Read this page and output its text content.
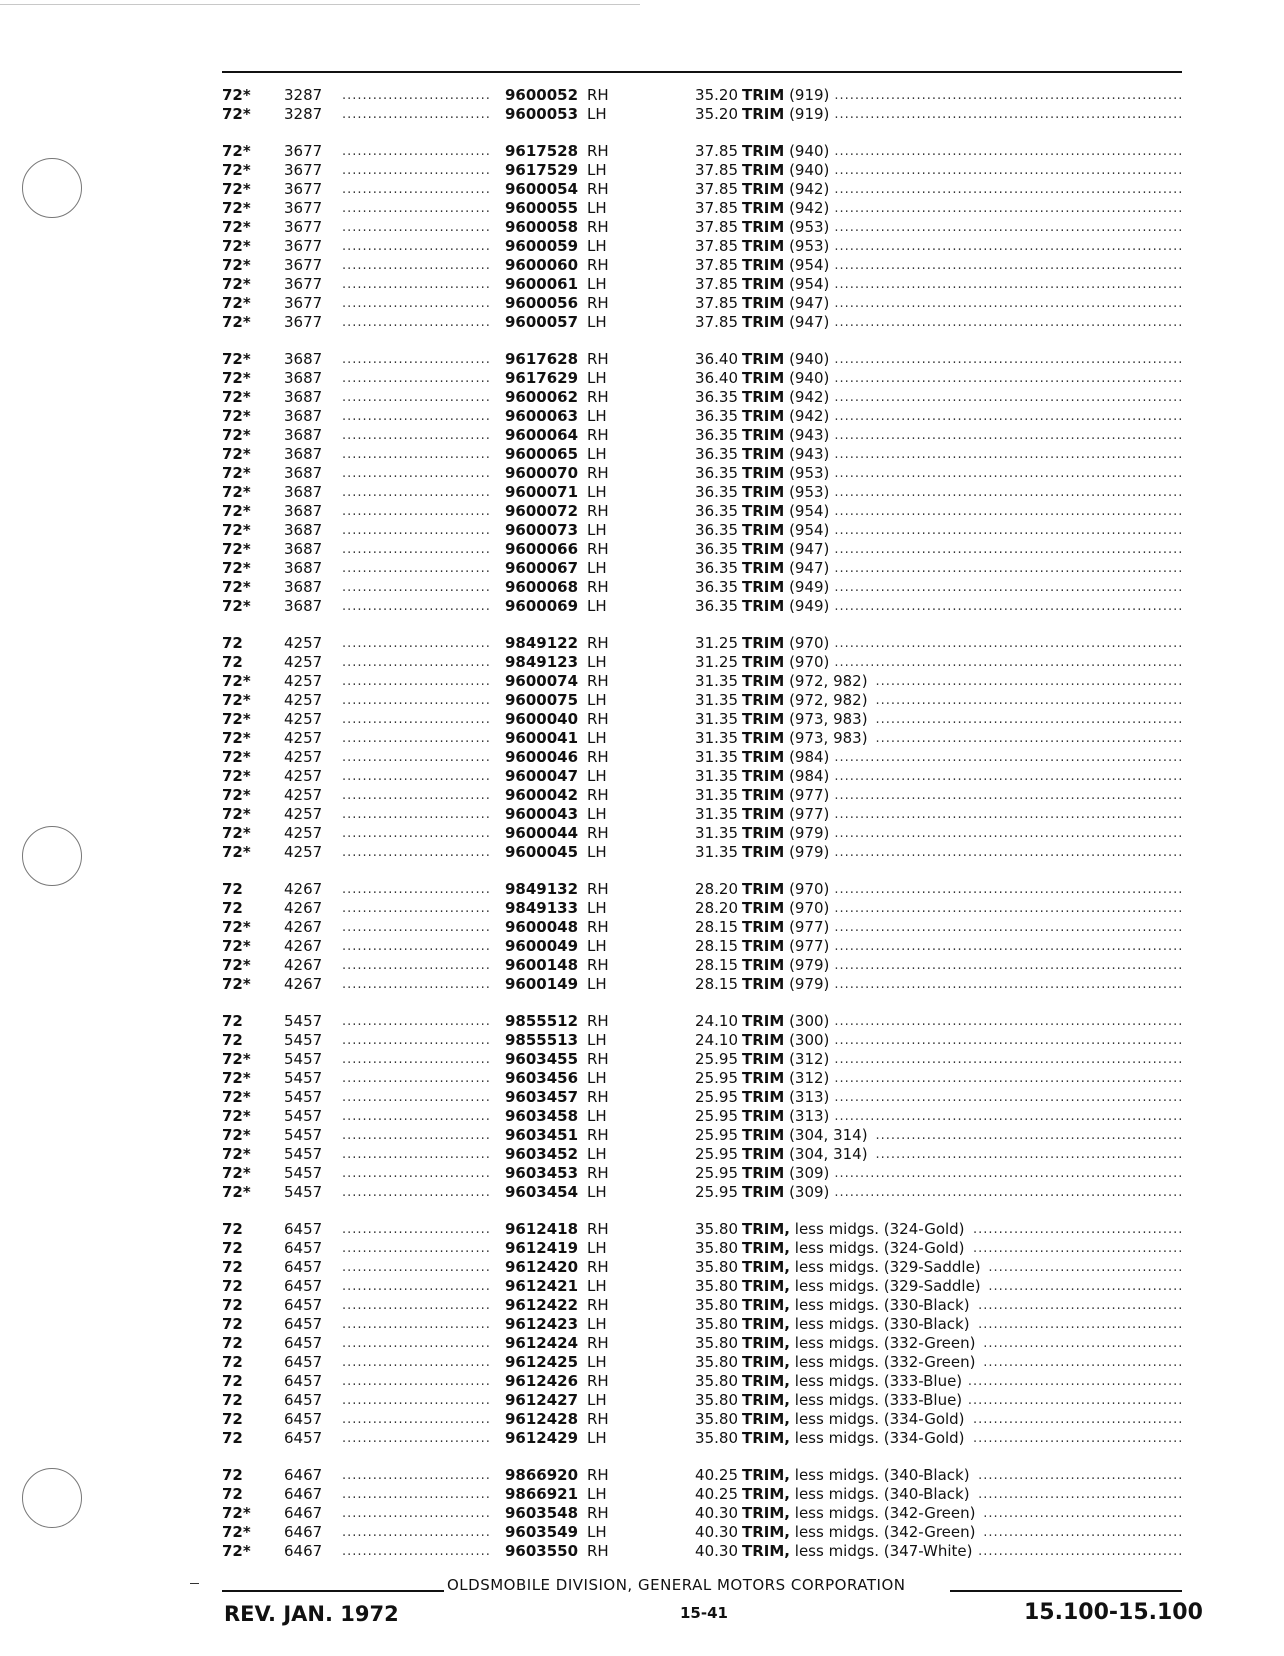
72*	3287 .....	9600052 RH	35.20 ..... TRIM (919)
72*	3287 .....	9600053 LH	35.20 ..... TRIM (919)
72*	3677 .....	9617528 RH	37.85 ..... TRIM (940)
72*	3677 .....	9617529 LH	37.85 ..... TRIM (940)
72*	3677 .....	9600054 RH	37.85 ..... TRIM (942)
72*	3677 .....	9600055 LH	37.85 ..... TRIM (942)
72*	3677 .....	9600058 RH	37.85 ..... TRIM (953)
72*	3677 .....	9600059 LH	37.85 ..... TRIM (953)
72*	3677 .....	9600060 RH	37.85 ..... TRIM (954)
72*	3677 .....	9600061 LH	37.85 ..... TRIM (954)
72*	3677 .....	9600056 RH	37.85 ..... TRIM (947)
72*	3677 .....	9600057 LH	37.85 ..... TRIM (947)
72*	3687 .....	9617628 RH	36.40 ..... TRIM (940)
72*	3687 .....	9617629 LH	36.40 ..... TRIM (940)
72*	3687 .....	9600062 RH	36.35 ..... TRIM (942)
72*	3687 .....	9600063 LH	36.35 ..... TRIM (942)
72*	3687 .....	9600064 RH	36.35 ..... TRIM (943)
72*	3687 .....	9600065 LH	36.35 ..... TRIM (943)
72*	3687 .....	9600070 RH	36.35 ..... TRIM (953)
72*	3687 .....	9600071 LH	36.35 ..... TRIM (953)
72*	3687 .....	9600072 RH	36.35 ..... TRIM (954)
72*	3687 .....	9600073 LH	36.35 ..... TRIM (954)
72*	3687 .....	9600066 RH	36.35 ..... TRIM (947)
72*	3687 .....	9600067 LH	36.35 ..... TRIM (947)
72*	3687 .....	9600068 RH	36.35 ..... TRIM (949)
72*	3687 .....	9600069 LH	36.35 ..... TRIM (949)
72	4257 .....	9849122 RH	31.25 ..... TRIM (970)
72	4257 .....	9849123 LH	31.25 ..... TRIM (970)
72*	4257 .....	9600074 RH	31.35 ..... TRIM (972, 982)
72*	4257 .....	9600075 LH	31.35 ..... TRIM (972, 982)
72*	4257 .....	9600040 RH	31.35 ..... TRIM (973, 983)
72*	4257 .....	9600041 LH	31.35 ..... TRIM (973, 983)
72*	4257 .....	9600046 RH	31.35 ..... TRIM (984)
72*	4257 .....	9600047 LH	31.35 ..... TRIM (984)
72*	4257 .....	9600042 RH	31.35 ..... TRIM (977)
72*	4257 .....	9600043 LH	31.35 ..... TRIM (977)
72*	4257 .....	9600044 RH	31.35 ..... TRIM (979)
72*	4257 .....	9600045 LH	31.35 ..... TRIM (979)
72	4267 .....	9849132 RH	28.20 ..... TRIM (970)
72	4267 .....	9849133 LH	28.20 ..... TRIM (970)
72*	4267 .....	9600048 RH	28.15 ..... TRIM (977)
72*	4267 .....	9600049 LH	28.15 ..... TRIM (977)
72*	4267 .....	9600148 RH	28.15 ..... TRIM (979)
72*	4267 .....	9600149 LH	28.15 ..... TRIM (979)
72	5457 .....	9855512 RH	24.10 ..... TRIM (300)
72	5457 .....	9855513 LH	24.10 ..... TRIM (300)
72*	5457 .....	9603455 RH	25.95 ..... TRIM (312)
72*	5457 .....	9603456 LH	25.95 ..... TRIM (312)
72*	5457 .....	9603457 RH	25.95 ..... TRIM (313)
72*	5457 .....	9603458 LH	25.95 ..... TRIM (313)
72*	5457 .....	9603451 RH	25.95 ..... TRIM (304, 314)
72*	5457 .....	9603452 LH	25.95 ..... TRIM (304, 314)
72*	5457 .....	9603453 RH	25.95 ..... TRIM (309)
72*	5457 .....	9603454 LH	25.95 ..... TRIM (309)
72	6457 .....	9612418 RH	35.80 ..... TRIM, less midgs. (324-Gold)
72	6457 .....	9612419 LH	35.80 ..... TRIM, less midgs. (324-Gold)
72	6457 .....	9612420 RH	35.80 ..... TRIM, less midgs. (329-Saddle)
72	6457 .....	9612421 LH	35.80 ..... TRIM, less midgs. (329-Saddle)
72	6457 .....	9612422 RH	35.80 ..... TRIM, less midgs. (330-Black)
72	6457 .....	9612423 LH	35.80 ..... TRIM, less midgs. (330-Black)
72	6457 .....	9612424 RH	35.80 ..... TRIM, less midgs. (332-Green)
72	6457 .....	9612425 LH	35.80 ..... TRIM, less midgs. (332-Green)
72	6457 .....	9612426 RH	35.80 ..... TRIM, less midgs. (333-Blue)
72	6457 .....	9612427 LH	35.80 ..... TRIM, less midgs. (333-Blue)
72	6457 .....	9612428 RH	35.80 ..... TRIM, less midgs. (334-Gold)
72	6457 .....	9612429 LH	35.80 ..... TRIM, less midgs. (334-Gold)
72	6467 .....	9866920 RH	40.25 ..... TRIM, less midgs. (340-Black)
72	6467 .....	9866921 LH	40.25 ..... TRIM, less midgs. (340-Black)
72*	6467 .....	9603548 RH	40.30 ..... TRIM, less midgs. (342-Green)
72*	6467 .....	9603549 LH	40.30 ..... TRIM, less midgs. (342-Green)
72*	6467 .....	9603550 RH	40.30 ..... TRIM, less midgs. (347-White)
OLDSMOBILE DIVISION, GENERAL MOTORS CORPORATION
REV. JAN. 1972	15-41	15.100-15.100
